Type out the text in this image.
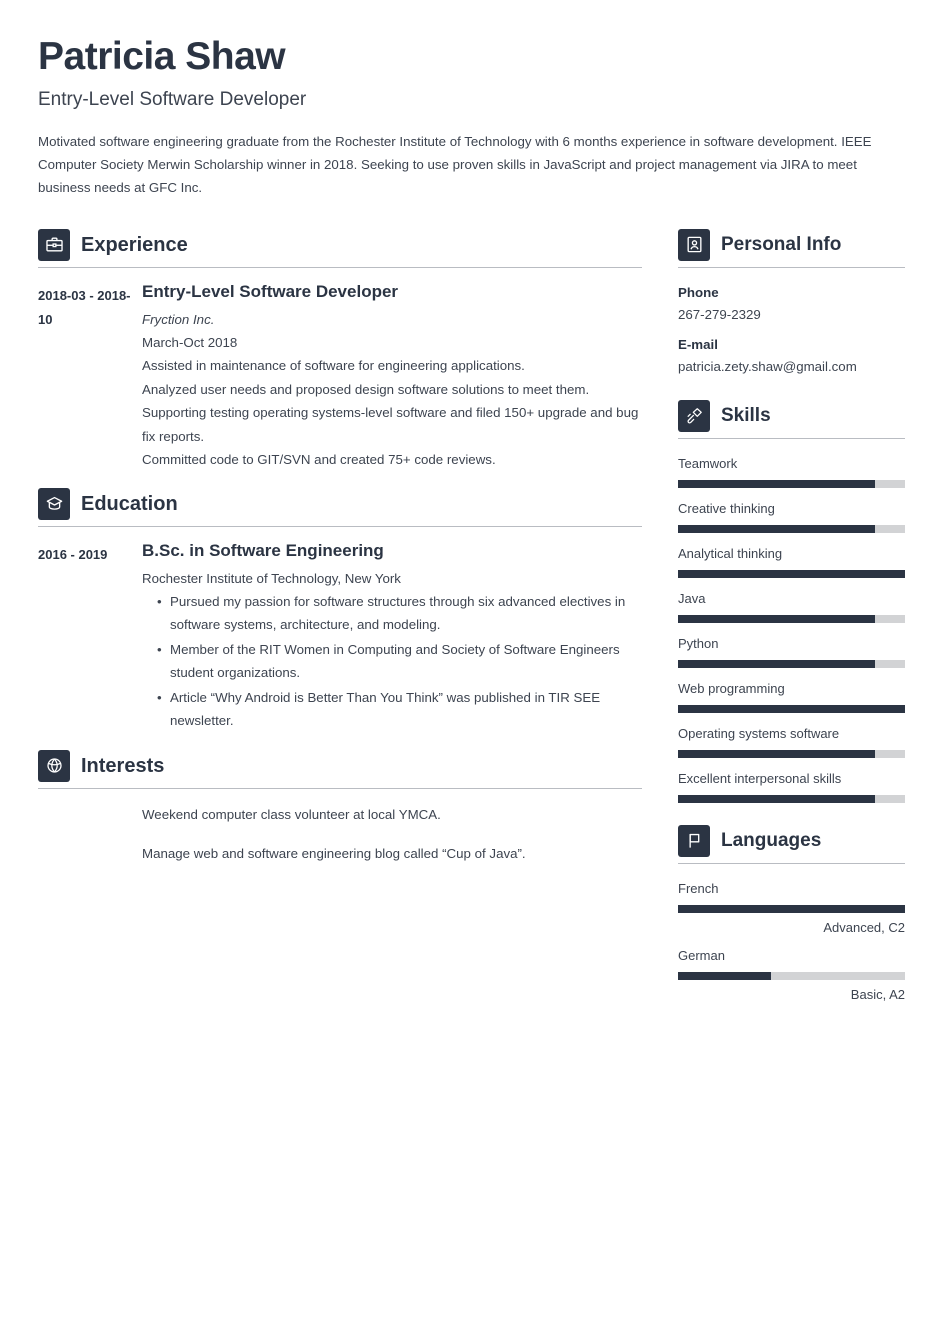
Patricia Shaw
Entry-Level Software Developer
Motivated software engineering graduate from the Rochester Institute of Technology with 6 months experience in software development. IEEE Computer Society Merwin Scholarship winner in 2018. Seeking to use proven skills in JavaScript and project management via JIRA to meet business needs at GFC Inc.
Experience
2018-03 - 2018-10
Entry-Level Software Developer
Fryction Inc.
March-Oct 2018
Assisted in maintenance of software for engineering applications.
Analyzed user needs and proposed design software solutions to meet them.
Supporting testing operating systems-level software and filed 150+ upgrade and bug fix reports.
Committed code to GIT/SVN and created 75+ code reviews.
Education
2016 - 2019	B.Sc. in Software Engineering
Rochester Institute of Technology, New York
• Pursued my passion for software structures through six advanced electives in software systems, architecture, and modeling.
• Member of the RIT Women in Computing and Society of Software Engineers student organizations.
• Article “Why Android is Better Than You Think” was published in TIR SEE newsletter.
Interests
Weekend computer class volunteer at local YMCA.
Manage web and software engineering blog called “Cup of Java”.
Personal Info
Phone
267-279-2329
E-mail
patricia.zety.shaw@gmail.com
Skills
Teamwork
Creative thinking
Analytical thinking
Java
Python
Web programming
Operating systems software
Excellent interpersonal skills
Languages
French
Advanced, C2
German
Basic, A2
